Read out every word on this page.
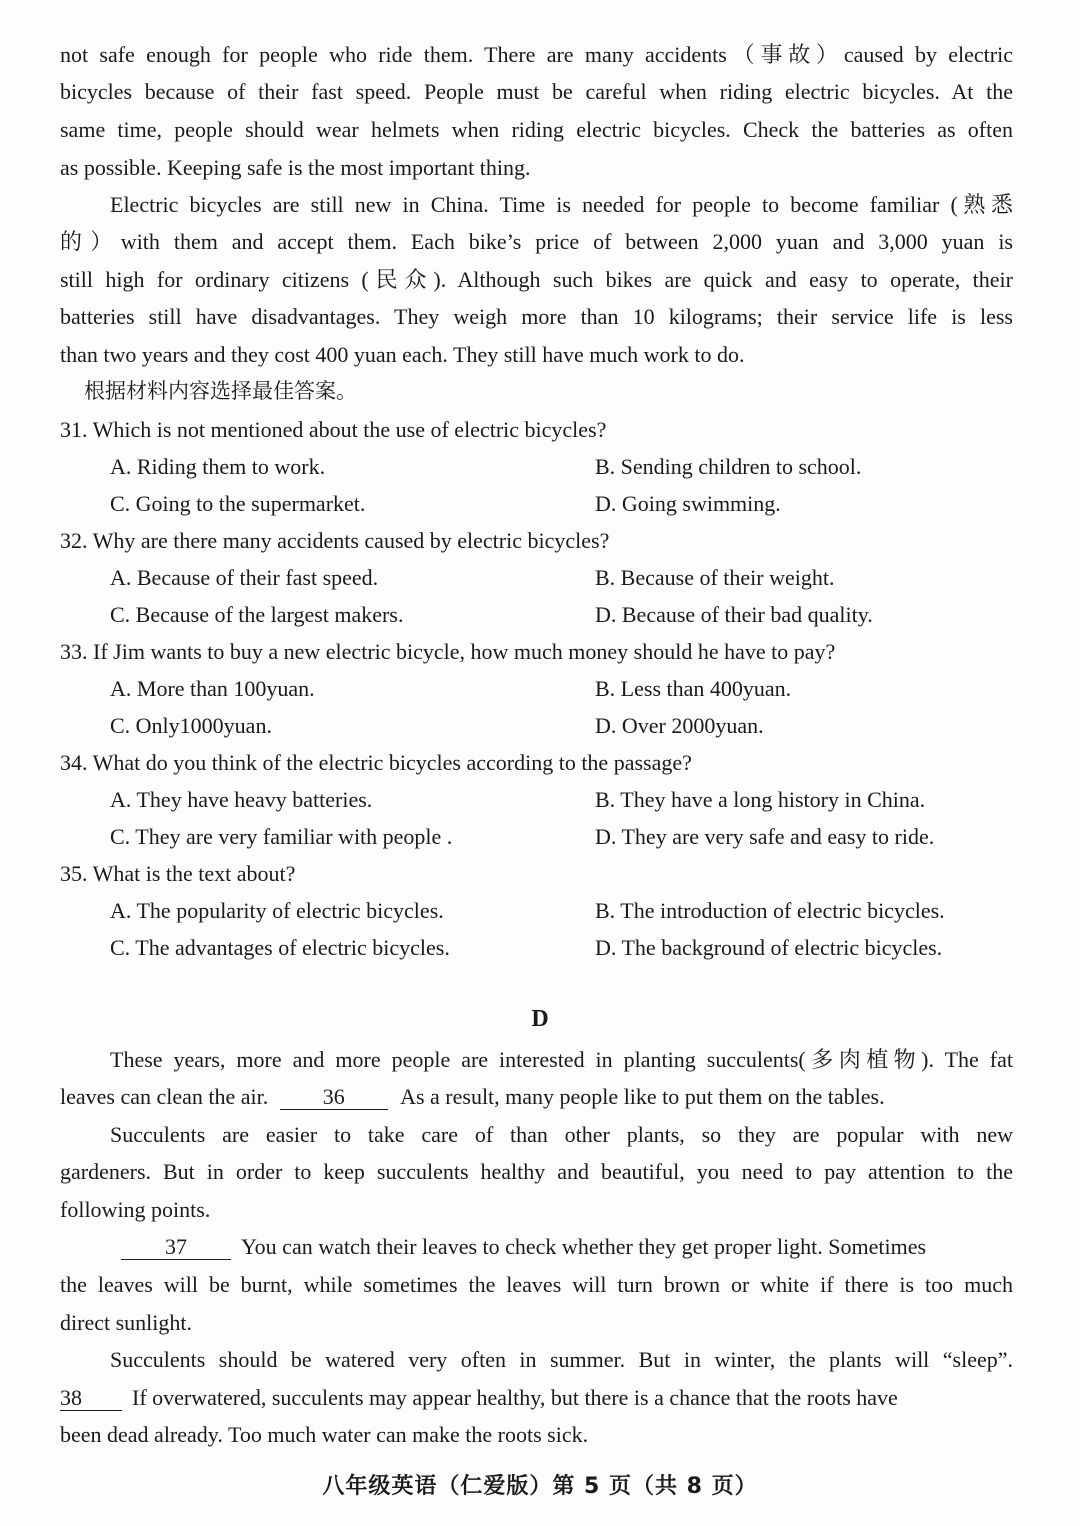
not safe enough for people who ride them. There are many accidents（事故）caused by electric
bicycles because of their fast speed. People must be careful when riding electric bicycles. At the
same time, people should wear helmets when riding electric bicycles. Check the batteries as often
as possible. Keeping safe is the most important thing.
Electric bicycles are still new in China. Time is needed for people to become familiar (熟悉
的）with them and accept them. Each bike’s price of between 2,000 yuan and 3,000 yuan is
still high for ordinary citizens (民众). Although such bikes are quick and easy to operate, their
batteries still have disadvantages. They weigh more than 10 kilograms; their service life is less
than two years and they cost 400 yuan each. They still have much work to do.
根据材料内容选择最佳答案。
31. Which is not mentioned about the use of electric bicycles?
A. Riding them to work.	B. Sending children to school.
C. Going to the supermarket.	D. Going swimming.
32. Why are there many accidents caused by electric bicycles?
A. Because of their fast speed.	B. Because of their weight.
C. Because of the largest makers.	D. Because of their bad quality.
33. If Jim wants to buy a new electric bicycle, how much money should he have to pay?
A. More than 100yuan.	B. Less than 400yuan.
C. Only1000yuan.	D. Over 2000yuan.
34. What do you think of the electric bicycles according to the passage?
A. They have heavy batteries.	B. They have a long history in China.
C. They are very familiar with people .	D. They are very safe and easy to ride.
35. What is the text about?
A. The popularity of electric bicycles.	B. The introduction of electric bicycles.
C. The advantages of electric bicycles.	D. The background of electric bicycles.
D
These years, more and more people are interested in planting succulents(多肉植物). The fat
leaves can clean the air. 36	As a result, many people like to put them on the tables.
Succulents are easier to take care of than other plants, so they are popular with new
gardeners. But in order to keep succulents healthy and beautiful, you need to pay attention to the
following points.
37 You can watch their leaves to check whether they get proper light. Sometimes
the leaves will be burnt, while sometimes the leaves will turn brown or white if there is too much
direct sunlight.
Succulents should be watered very often in summer. But in winter, the plants will “sleep”.
38 If overwatered, succulents may appear healthy, but there is a chance that the roots have
been dead already. Too much water can make the roots sick.
八年级英语（仁爱版）第 5 页（共 8 页）
